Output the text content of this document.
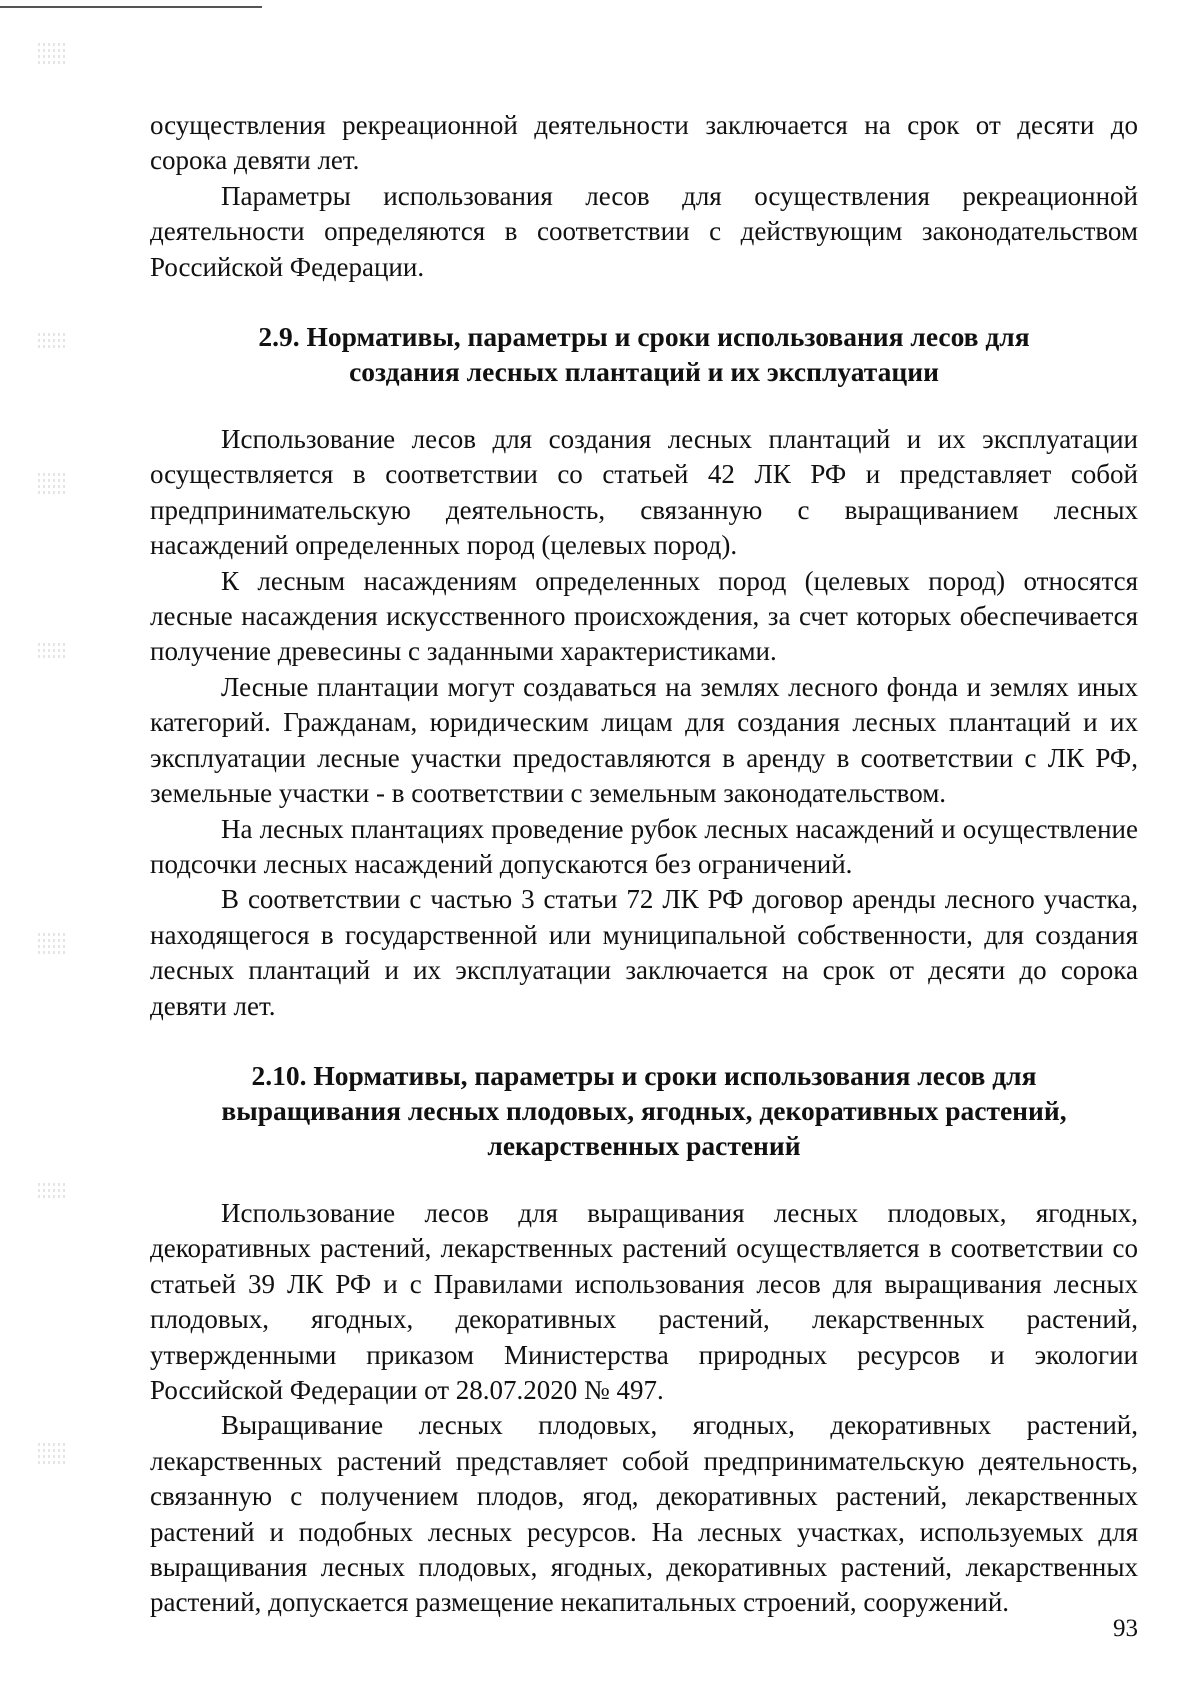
осуществления рекреационной деятельности заключается на срок от десяти до сорока девяти лет.

Параметры использования лесов для осуществления рекреационной деятельности определяются в соответствии с действующим законодательством Российской Федерации.

2.9. Нормативы, параметры и сроки использования лесов для
создания лесных плантаций и их эксплуатации

Использование лесов для создания лесных плантаций и их эксплуатации осуществляется в соответствии со статьей 42 ЛК РФ и представляет собой предпринимательскую деятельность, связанную с выращиванием лесных насаждений определенных пород (целевых пород).

К лесным насаждениям определенных пород (целевых пород) относятся лесные насаждения искусственного происхождения, за счет которых обеспечивается получение древесины с заданными характеристиками.

Лесные плантации могут создаваться на землях лесного фонда и землях иных категорий. Гражданам, юридическим лицам для создания лесных плантаций и их эксплуатации лесные участки предоставляются в аренду в соответствии с ЛК РФ, земельные участки - в соответствии с земельным законодательством.

На лесных плантациях проведение рубок лесных насаждений и осуществление подсочки лесных насаждений допускаются без ограничений.

В соответствии с частью 3 статьи 72 ЛК РФ договор аренды лесного участка, находящегося в государственной или муниципальной собственности, для создания лесных плантаций и их эксплуатации заключается на срок от десяти до сорока девяти лет.

2.10. Нормативы, параметры и сроки использования лесов для
выращивания лесных плодовых, ягодных, декоративных растений,
лекарственных растений

Использование лесов для выращивания лесных плодовых, ягодных, декоративных растений, лекарственных растений осуществляется в соответствии со статьей 39 ЛК РФ и с Правилами использования лесов для выращивания лесных плодовых, ягодных, декоративных растений, лекарственных растений, утвержденными приказом Министерства природных ресурсов и экологии Российской Федерации от 28.07.2020 № 497.

Выращивание лесных плодовых, ягодных, декоративных растений, лекарственных растений представляет собой предпринимательскую деятельность, связанную с получением плодов, ягод, декоративных растений, лекарственных растений и подобных лесных ресурсов. На лесных участках, используемых для выращивания лесных плодовых, ягодных, декоративных растений, лекарственных растений, допускается размещение некапитальных строений, сооружений.

93
